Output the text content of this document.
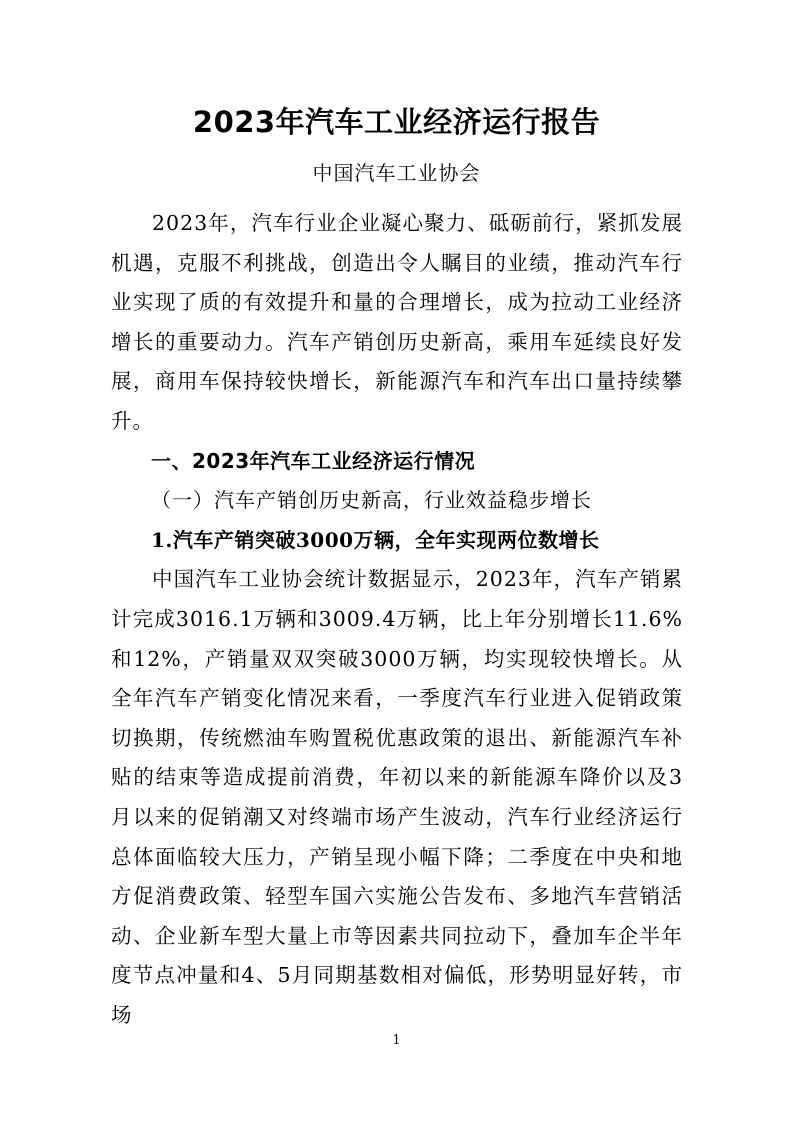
2023年汽车工业经济运行报告
中国汽车工业协会

2023年，汽车行业企业凝心聚力、砥砺前行，紧抓发展机遇，克服不利挑战，创造出令人瞩目的业绩，推动汽车行业实现了质的有效提升和量的合理增长，成为拉动工业经济增长的重要动力。汽车产销创历史新高，乘用车延续良好发展，商用车保持较快增长，新能源汽车和汽车出口量持续攀升。

一、2023年汽车工业经济运行情况

（一）汽车产销创历史新高，行业效益稳步增长

1.汽车产销突破3000万辆，全年实现两位数增长

中国汽车工业协会统计数据显示，2023年，汽车产销累计完成3016.1万辆和3009.4万辆，比上年分别增长11.6%和12%，产销量双双突破3000万辆，均实现较快增长。从全年汽车产销变化情况来看，一季度汽车行业进入促销政策切换期，传统燃油车购置税优惠政策的退出、新能源汽车补贴的结束等造成提前消费，年初以来的新能源车降价以及3月以来的促销潮又对终端市场产生波动，汽车行业经济运行总体面临较大压力，产销呈现小幅下降；二季度在中央和地方促消费政策、轻型车国六实施公告发布、多地汽车营销活动、企业新车型大量上市等因素共同拉动下，叠加车企半年度节点冲量和4、5月同期基数相对偏低，形势明显好转，市场

1
